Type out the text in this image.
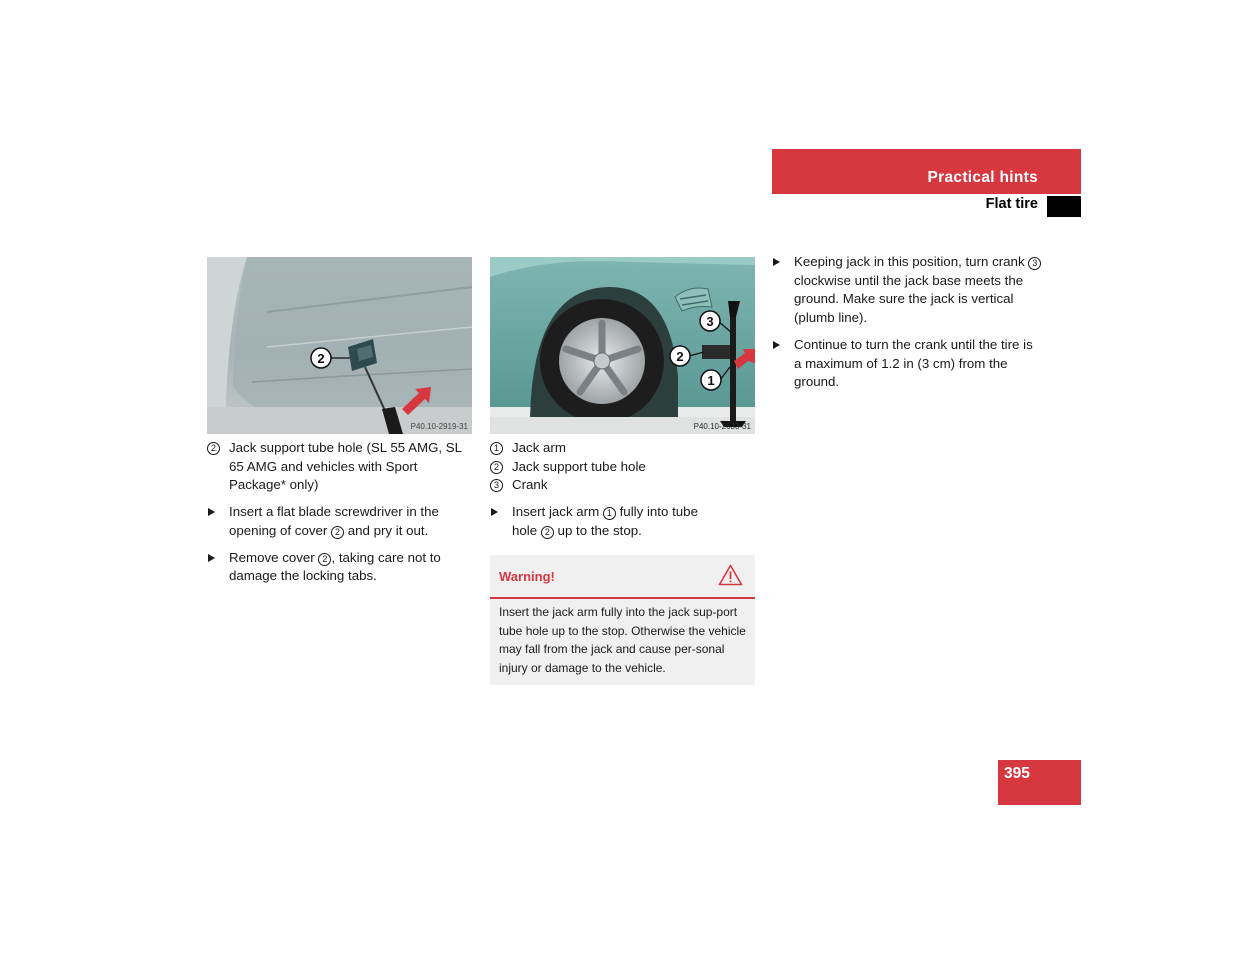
Practical hints
Flat tire
2
P40.10-2919-31
3
2
1
P40.10-2633-31
2 Jack support tube hole (SL 55 AMG, SL 65 AMG and vehicles with Sport Package* only)
Insert a flat blade screwdriver in the opening of cover 2 and pry it out.
Remove cover 2 , taking care not to damage the locking tabs.
1 Jack arm
2 Jack support tube hole
3 Crank
Insert jack arm 1 fully into tube hole 2 up to the stop.
Warning!
Insert the jack arm fully into the jack sup-port tube hole up to the stop. Otherwise the vehicle may fall from the jack and cause per-sonal injury or damage to the vehicle.
Keeping jack in this position, turn crank 3 clockwise until the jack base meets the ground. Make sure the jack is vertical (plumb line).
Continue to turn the crank until the tire is a maximum of 1.2 in (3 cm) from the ground.
395
